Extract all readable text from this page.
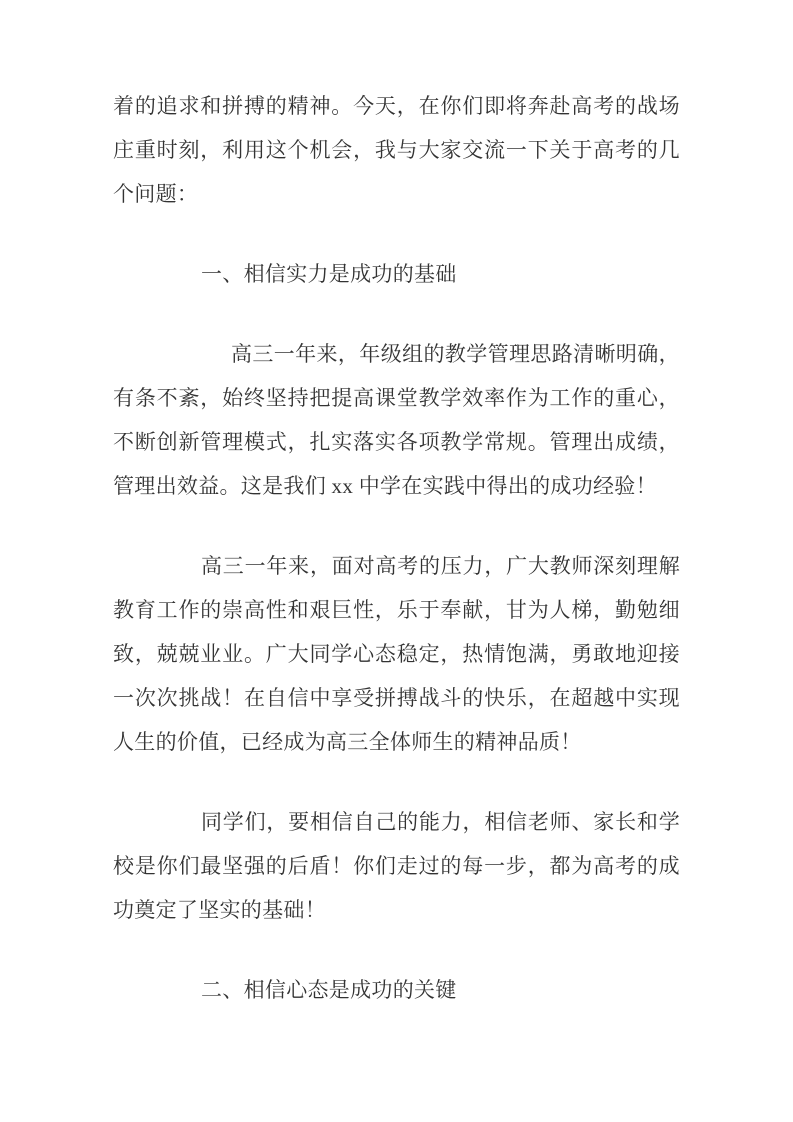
着的追求和拼搏的精神。今天，在你们即将奔赴高考的战场庄重时刻，利用这个机会，我与大家交流一下关于高考的几个问题：

一、相信实力是成功的基础

高三一年来，年级组的教学管理思路清晰明确，有条不紊，始终坚持把提高课堂教学效率作为工作的重心，不断创新管理模式，扎实落实各项教学常规。管理出成绩，管理出效益。这是我们 xx 中学在实践中得出的成功经验！

高三一年来，面对高考的压力，广大教师深刻理解教育工作的崇高性和艰巨性，乐于奉献，甘为人梯，勤勉细致，兢兢业业。广大同学心态稳定，热情饱满，勇敢地迎接一次次挑战！在自信中享受拼搏战斗的快乐，在超越中实现人生的价值，已经成为高三全体师生的精神品质！

同学们，要相信自己的能力，相信老师、家长和学校是你们最坚强的后盾！你们走过的每一步，都为高考的成功奠定了坚实的基础！

二、相信心态是成功的关键
